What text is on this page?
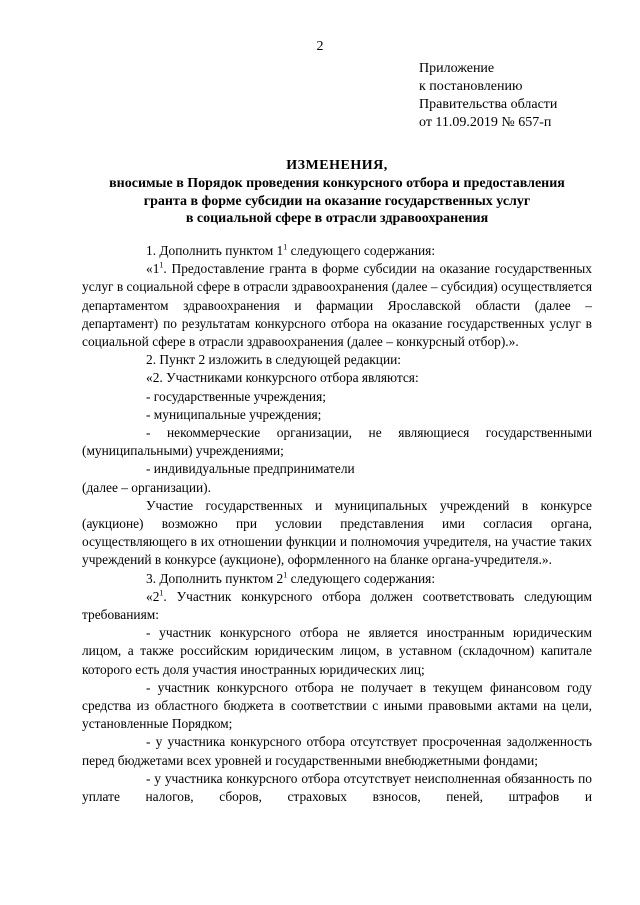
2
Приложение
к постановлению
Правительства области
от 11.09.2019 № 657-п
ИЗМЕНЕНИЯ,
вносимые в Порядок проведения конкурсного отбора и предоставления
гранта в форме субсидии на оказание государственных услуг
в социальной сфере в отрасли здравоохранения
1. Дополнить пунктом $1^1$ следующего содержания:
«$1^1$. Предоставление гранта в форме субсидии на оказание государственных услуг в социальной сфере в отрасли здравоохранения (далее – субсидия) осуществляется департаментом здравоохранения и фармации Ярославской области (далее – департамент) по результатам конкурсного отбора на оказание государственных услуг в социальной сфере в отрасли здравоохранения (далее – конкурсный отбор).».
2. Пункт 2 изложить в следующей редакции:
«2. Участниками конкурсного отбора являются:
- государственные учреждения;
- муниципальные учреждения;
- некоммерческие организации, не являющиеся государственными (муниципальными) учреждениями;
- индивидуальные предприниматели
(далее – организации).
Участие государственных и муниципальных учреждений в конкурсе (аукционе) возможно при условии представления ими согласия органа, осуществляющего в их отношении функции и полномочия учредителя, на участие таких учреждений в конкурсе (аукционе), оформленного на бланке органа-учредителя.».
3. Дополнить пунктом $2^1$ следующего содержания:
«$2^1$. Участник конкурсного отбора должен соответствовать следующим требованиям:
- участник конкурсного отбора не является иностранным юридическим лицом, а также российским юридическим лицом, в уставном (складочном) капитале которого есть доля участия иностранных юридических лиц;
- участник конкурсного отбора не получает в текущем финансовом году средства из областного бюджета в соответствии с иными правовыми актами на цели, установленные Порядком;
- у участника конкурсного отбора отсутствует просроченная задолженность перед бюджетами всех уровней и государственными внебюджетными фондами;
- у участника конкурсного отбора отсутствует неисполненная обязанность по уплате налогов, сборов, страховых взносов, пеней, штрафов и
